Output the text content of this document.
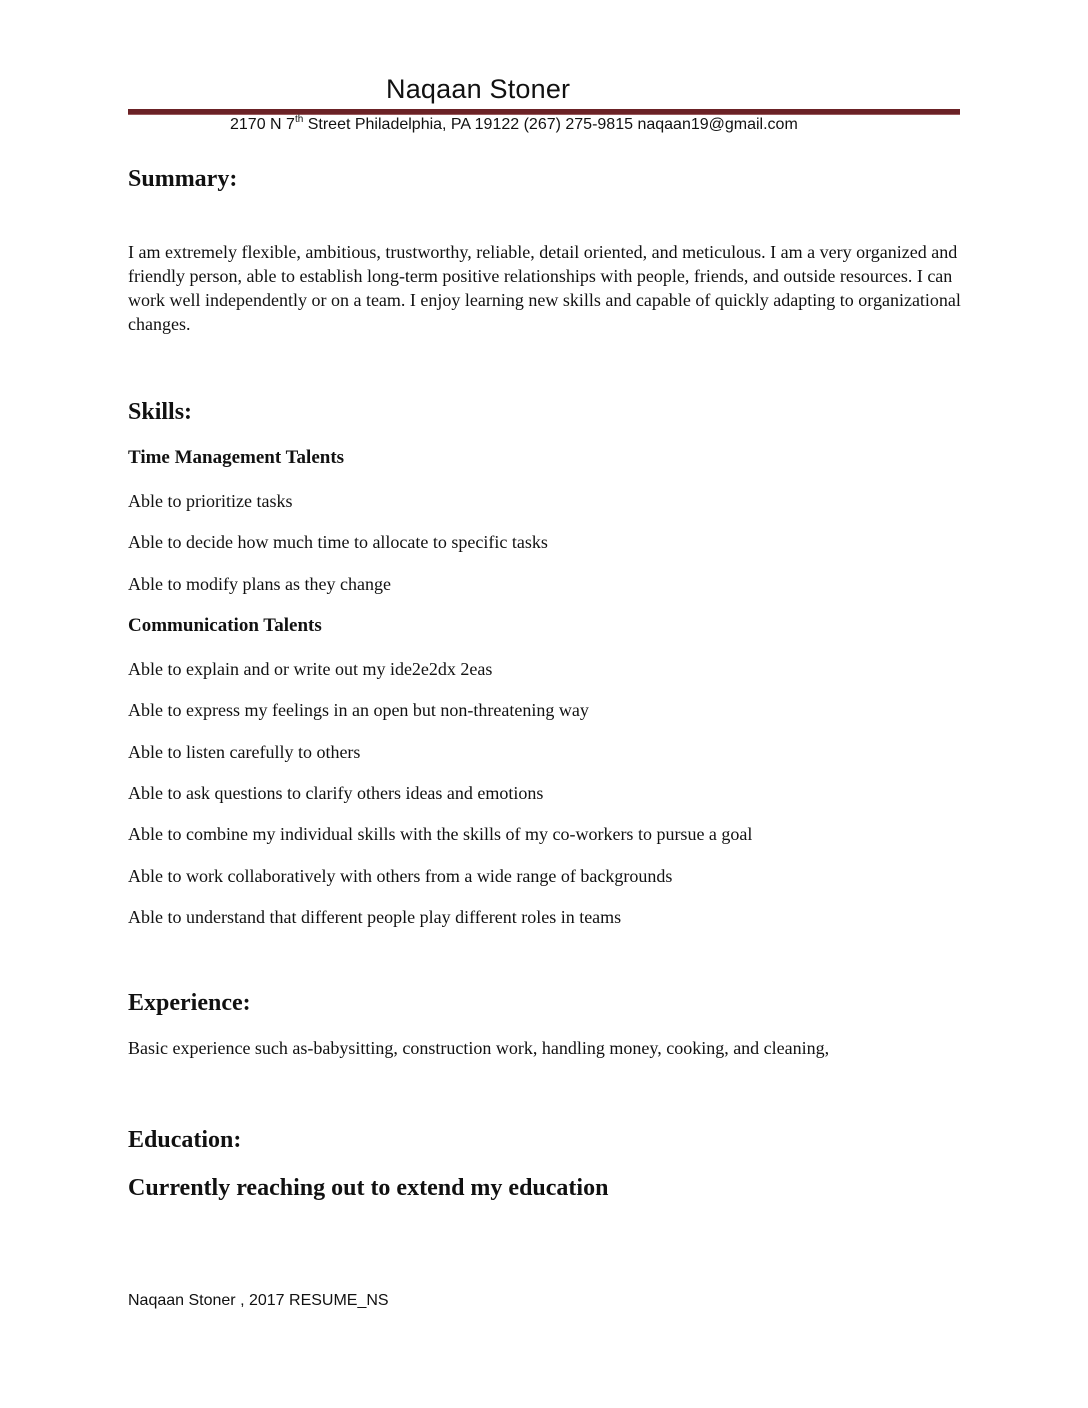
Naqaan Stoner
2170 N 7th Street Philadelphia, PA 19122 (267) 275-9815 naqaan19@gmail.com
Summary:
I am extremely flexible, ambitious, trustworthy, reliable, detail oriented, and meticulous. I am a very organized and friendly person, able to establish long-term positive relationships with people, friends, and outside resources. I can work well independently or on a team. I enjoy learning new skills and capable of quickly adapting to organizational changes.
Skills:
Time Management Talents
Able to prioritize tasks
Able to decide how much time to allocate to specific tasks
Able to modify plans as they change
Communication Talents
Able to explain and or write out my ide2e2dx 2eas
Able to express my feelings in an open but non-threatening way
Able to listen carefully to others
Able to ask questions to clarify others ideas and emotions
Able to combine my individual skills with the skills of my co-workers to pursue a goal
Able to work collaboratively with others from a wide range of backgrounds
Able to understand that different people play different roles in teams
Experience:
Basic experience such as-babysitting, construction work, handling money, cooking, and cleaning,
Education:
Currently reaching out to extend my education
Naqaan Stoner , 2017 RESUME_NS
